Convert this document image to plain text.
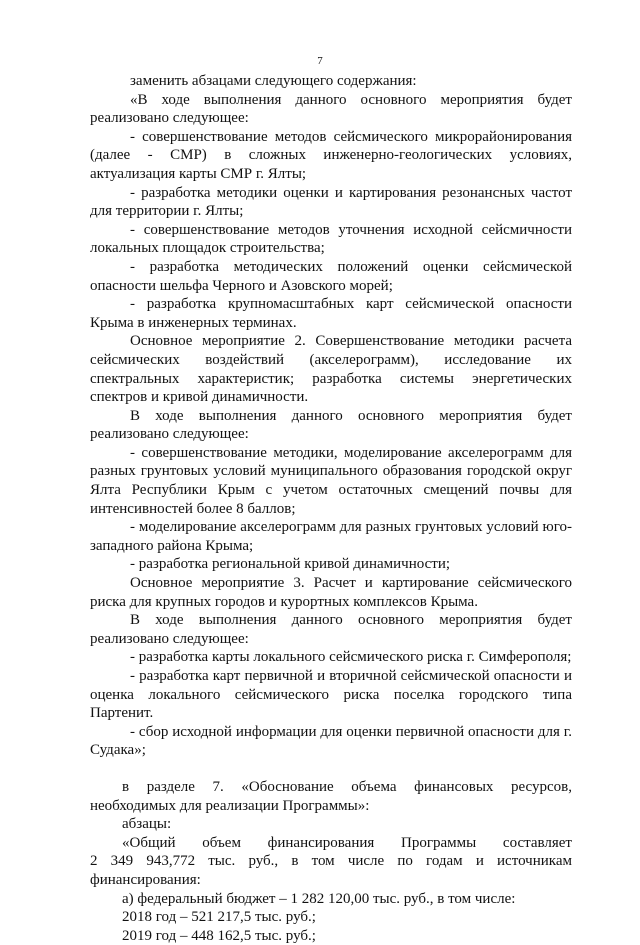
7

заменить абзацами следующего содержания:

«В ходе выполнения данного основного мероприятия будет реализовано следующее:

- совершенствование методов сейсмического микрорайонирования (далее - СМР) в сложных инженерно-геологических условиях, актуализация карты СМР г. Ялты;

- разработка методики оценки и картирования резонансных частот для территории г. Ялты;

- совершенствование методов уточнения исходной сейсмичности локальных площадок строительства;

- разработка методических положений оценки сейсмической опасности шельфа Черного и Азовского морей;

- разработка крупномасштабных карт сейсмической опасности Крыма в инженерных терминах.

Основное мероприятие 2. Совершенствование методики расчета сейсмических воздействий (акселерограмм), исследование их спектральных характеристик; разработка системы энергетических спектров и кривой динамичности.

В ходе выполнения данного основного мероприятия будет реализовано следующее:

- совершенствование методики, моделирование акселерограмм для разных грунтовых условий муниципального образования городской округ Ялта Республики Крым с учетом остаточных смещений почвы для интенсивностей более 8 баллов;

- моделирование акселерограмм для разных грунтовых условий юго-западного района Крыма;

- разработка региональной кривой динамичности;

Основное мероприятие 3. Расчет и картирование сейсмического риска для крупных городов и курортных комплексов Крыма.

В ходе выполнения данного основного мероприятия будет реализовано следующее:

- разработка карты локального сейсмического риска г. Симферополя;

- разработка карт первичной и вторичной сейсмической опасности и оценка локального сейсмического риска поселка городского типа Партенит.

- сбор исходной информации для оценки первичной опасности для г. Судака»;

в разделе 7. «Обоснование объема финансовых ресурсов, необходимых для реализации Программы»:

абзацы:

«Общий объем финансирования Программы составляет

2 349 943,772 тыс. руб., в том числе по годам и источникам финансирования:

а) федеральный бюджет – 1 282 120,00 тыс. руб., в том числе:

2018 год – 521 217,5 тыс. руб.;

2019 год – 448 162,5 тыс. руб.;
